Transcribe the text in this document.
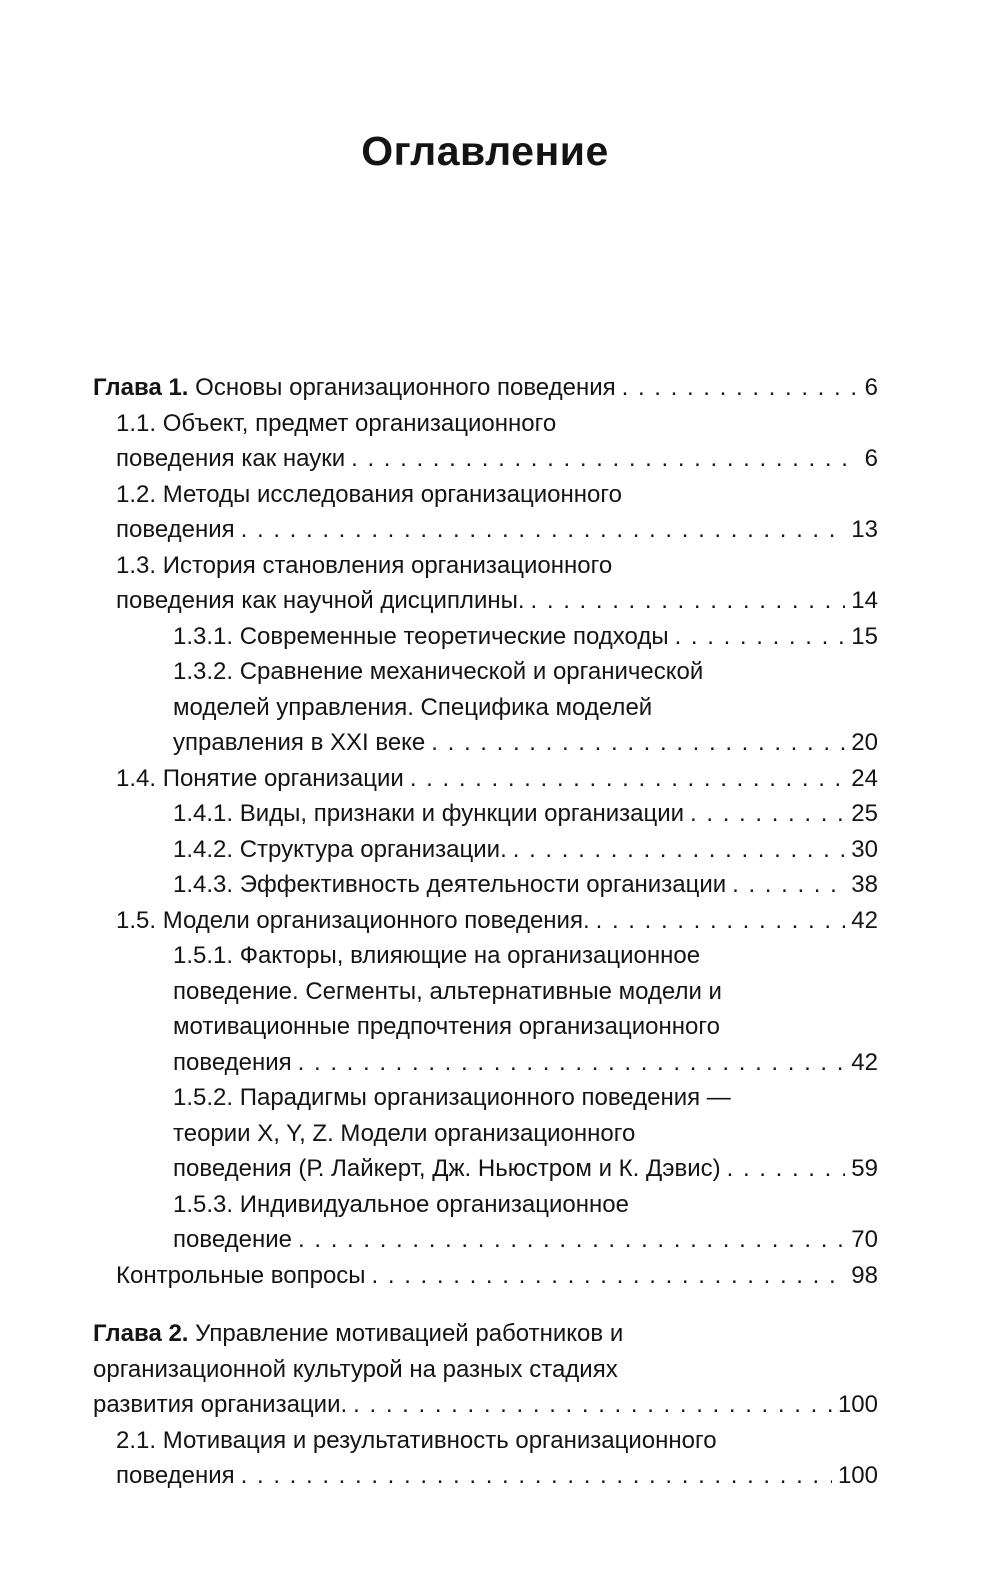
Оглавление
Глава 1. Основы организационного поведения . . .	6
1.1. Объект, предмет организационного
поведения как науки . . .	6
1.2. Методы исследования организационного
поведения . . .	13
1.3. История становления организационного
поведения как научной дисциплины. . . .	14
1.3.1. Современные теоретические подходы . . .	15
1.3.2. Сравнение механической и органической
моделей управления. Специфика моделей
управления в XXI веке . . .	20
1.4. Понятие организации . . .	24
1.4.1. Виды, признаки и функции организации . . .	25
1.4.2. Структура организации. . . .	30
1.4.3. Эффективность деятельности организации . . .	38
1.5. Модели организационного поведения. . . .	42
1.5.1. Факторы, влияющие на организационное
поведение. Сегменты, альтернативные модели и
мотивационные предпочтения организационного
поведения . . .	42
1.5.2. Парадигмы организационного поведения —
теории X, Y, Z. Модели организационного
поведения (Р. Лайкерт, Дж. Ньюстром и К. Дэвис) . . .	59
1.5.3. Индивидуальное организационное
поведение . . .	70
Контрольные вопросы . . .	98
Глава 2. Управление мотивацией работников и
организационной культурой на разных стадиях
развития организации. . . .	100
2.1. Мотивация и результативность организационного
поведения . . .	100
